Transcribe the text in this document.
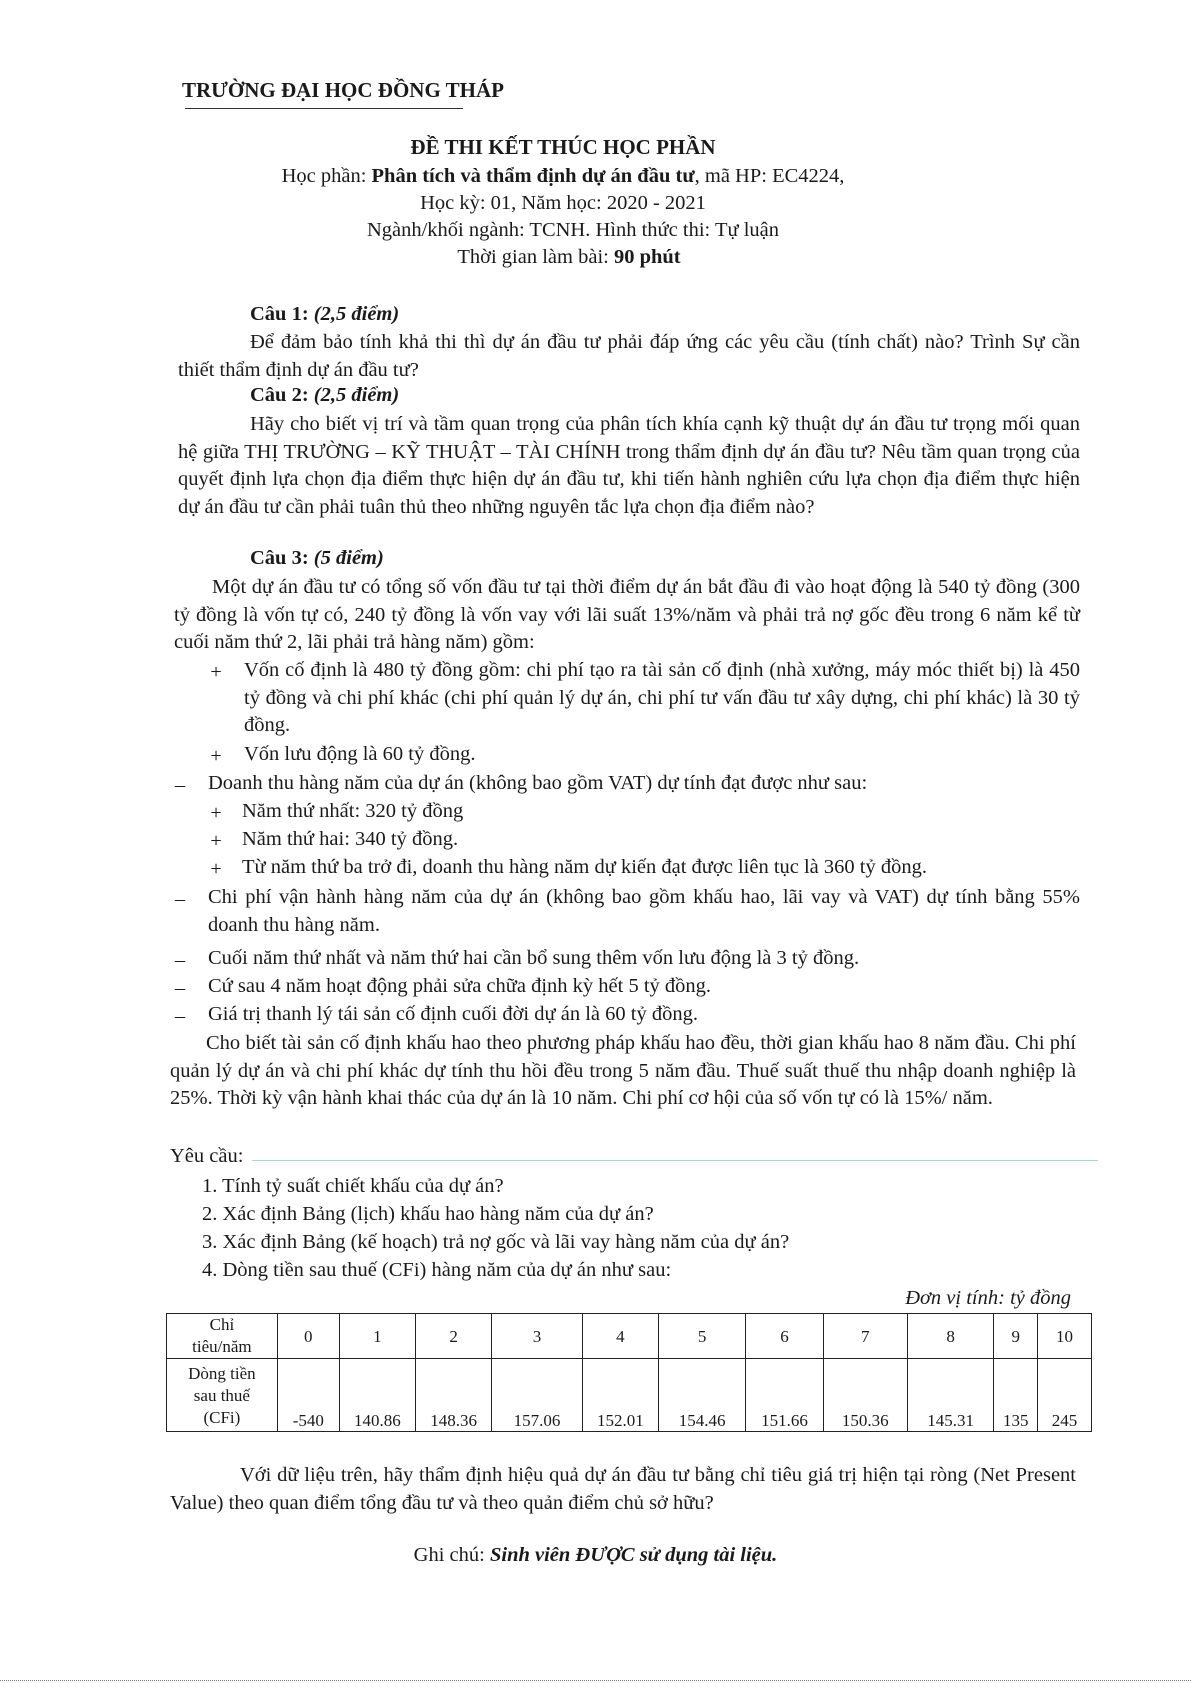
TRƯỜNG ĐẠI HỌC ĐỒNG THÁP
ĐỀ THI KẾT THÚC HỌC PHẦN
Học phần: Phân tích và thẩm định dự án đầu tư, mã HP: EC4224,
Học kỳ: 01, Năm học: 2020 - 2021
Ngành/khối ngành: TCNH. Hình thức thi: Tự luận
Thời gian làm bài: 90 phút
Câu 1: (2,5 điểm)
Để đảm bảo tính khả thi thì dự án đầu tư phải đáp ứng các yêu cầu (tính chất) nào? Trình Sự cần thiết thẩm định dự án đầu tư?
Câu 2: (2,5 điểm)
Hãy cho biết vị trí và tầm quan trọng của phân tích khía cạnh kỹ thuật dự án đầu tư trọng mối quan hệ giữa THỊ TRƯỜNG – KỸ THUẬT – TÀI CHÍNH trong thẩm định dự án đầu tư? Nêu tầm quan trọng của quyết định lựa chọn địa điểm thực hiện dự án đầu tư, khi tiến hành nghiên cứu lựa chọn địa điểm thực hiện dự án đầu tư cần phải tuân thủ theo những nguyên tắc lựa chọn địa điểm nào?
Câu 3: (5 điểm)
Một dự án đầu tư có tổng số vốn đầu tư tại thời điểm dự án bắt đầu đi vào hoạt động là 540 tỷ đồng (300 tỷ đồng là vốn tự có, 240 tỷ đồng là vốn vay với lãi suất 13%/năm và phải trả nợ gốc đều trong 6 năm kể từ cuối năm thứ 2, lãi phải trả hàng năm) gồm:
+ Vốn cố định là 480 tỷ đồng gồm: chi phí tạo ra tài sản cố định (nhà xưởng, máy móc thiết bị) là 450 tỷ đồng và chi phí khác (chi phí quản lý dự án, chi phí tư vấn đầu tư xây dựng, chi phí khác) là 30 tỷ đồng.
+ Vốn lưu động là 60 tỷ đồng.
– Doanh thu hàng năm của dự án (không bao gồm VAT) dự tính đạt được như sau:
+ Năm thứ nhất: 320 tỷ đồng
+ Năm thứ hai: 340 tỷ đồng.
+ Từ năm thứ ba trở đi, doanh thu hàng năm dự kiến đạt được liên tục là 360 tỷ đồng.
– Chi phí vận hành hàng năm của dự án (không bao gồm khấu hao, lãi vay và VAT) dự tính bằng 55% doanh thu hàng năm.
– Cuối năm thứ nhất và năm thứ hai cần bổ sung thêm vốn lưu động là 3 tỷ đồng.
– Cứ sau 4 năm hoạt động phải sửa chữa định kỳ hết 5 tỷ đồng.
– Giá trị thanh lý tái sản cố định cuối đời dự án là 60 tỷ đồng.
Cho biết tài sản cố định khấu hao theo phương pháp khấu hao đều, thời gian khấu hao 8 năm đầu. Chi phí quản lý dự án và chi phí khác dự tính thu hồi đều trong 5 năm đầu. Thuế suất thuế thu nhập doanh nghiệp là 25%. Thời kỳ vận hành khai thác của dự án là 10 năm. Chi phí cơ hội của số vốn tự có là 15%/ năm.
Yêu cầu:
1. Tính tỷ suất chiết khấu của dự án?
2. Xác định Bảng (lịch) khấu hao hàng năm của dự án?
3. Xác định Bảng (kế hoạch) trả nợ gốc và lãi vay hàng năm của dự án?
4. Dòng tiền sau thuế (CFi) hàng năm của dự án như sau:
Đơn vị tính: tỷ đồng
Chỉ
tiêu/năm	0	1	2	3	4	5	6	7	8	9	10
Dòng tiền
sau thuế
(CFi)	-540	140.86	148.36	157.06	152.01	154.46	151.66	150.36	145.31	135	245
Với dữ liệu trên, hãy thẩm định hiệu quả dự án đầu tư bằng chỉ tiêu giá trị hiện tại ròng (Net Present Value) theo quan điểm tổng đầu tư và theo quản điểm chủ sở hữu?
Ghi chú: Sinh viên ĐƯỢC sử dụng tài liệu.
